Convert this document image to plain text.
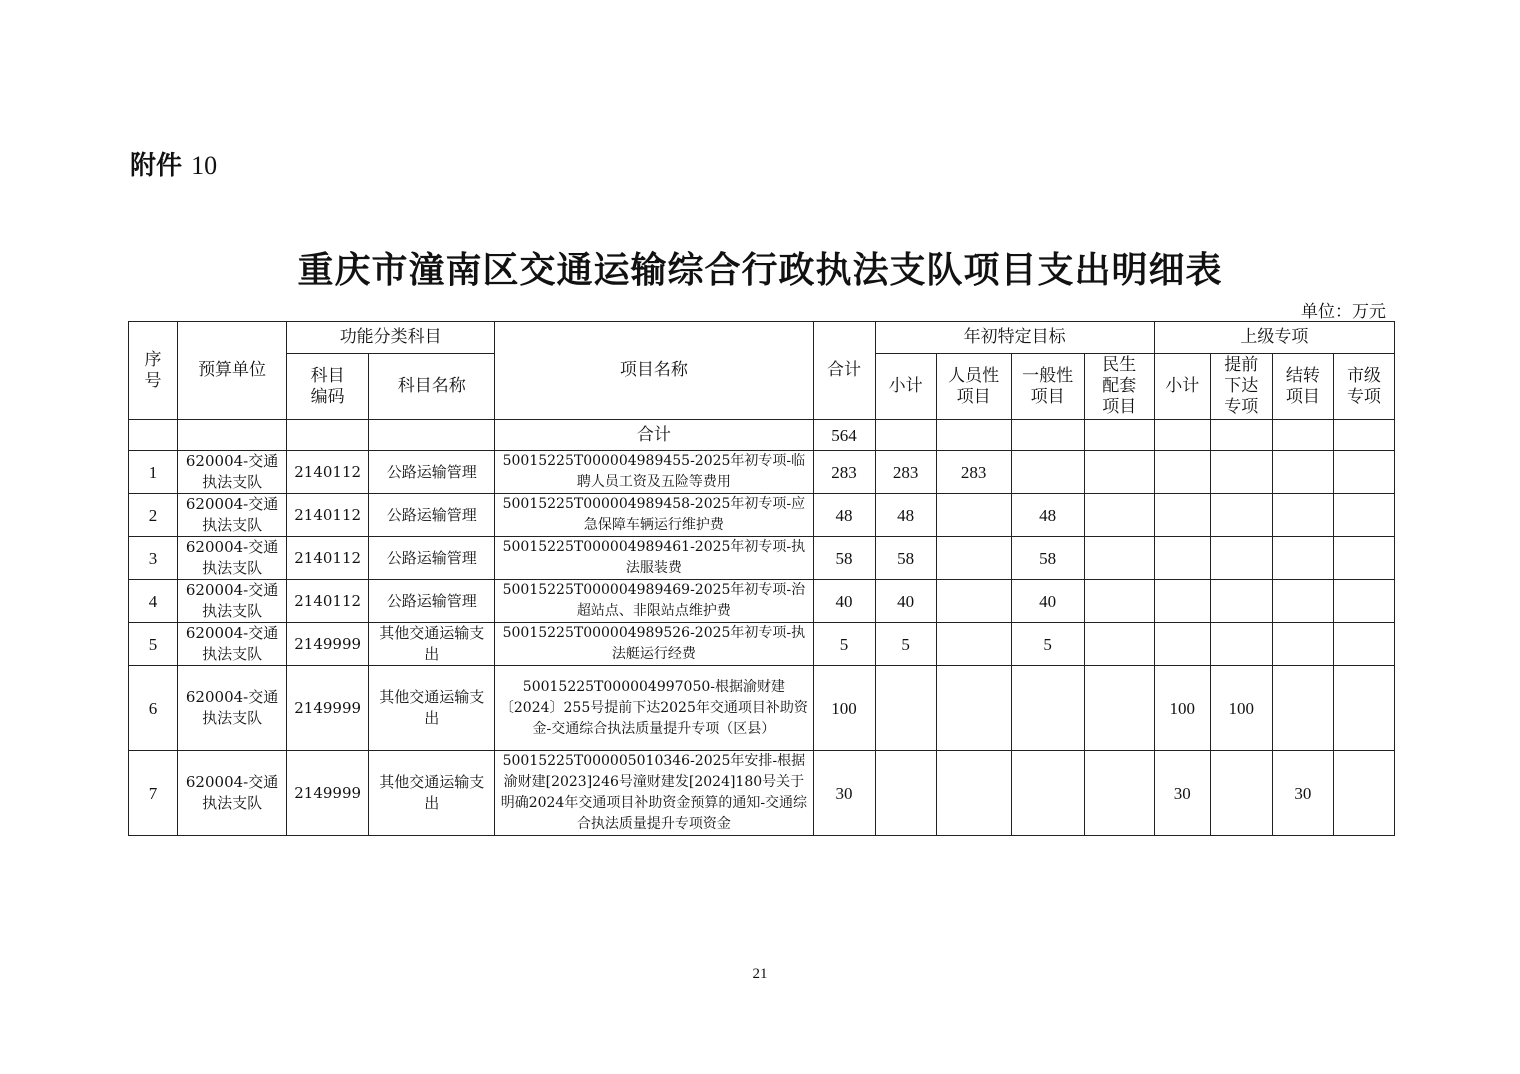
附件 10
重庆市潼南区交通运输综合行政执法支队项目支出明细表
单位：万元
序号	预算单位	功能分类科目		项目名称	合计	年初特定目标				上级专项			
		科目编码	科目名称			小计	人员性项目	一般性项目	民生配套项目	小计	提前下达专项	结转项目	市级专项
				合计	564								
1	620004-交通执法支队	2140112	公路运输管理	50015225T000004989455-2025年初专项-临聘人员工资及五险等费用	283	283	283						
2	620004-交通执法支队	2140112	公路运输管理	50015225T000004989458-2025年初专项-应急保障车辆运行维护费	48	48		48					
3	620004-交通执法支队	2140112	公路运输管理	50015225T000004989461-2025年初专项-执法服装费	58	58		58					
4	620004-交通执法支队	2140112	公路运输管理	50015225T000004989469-2025年初专项-治超站点、非限站点维护费	40	40		40					
5	620004-交通执法支队	2149999	其他交通运输支出	50015225T000004989526-2025年初专项-执法艇运行经费	5	5		5					
6	620004-交通执法支队	2149999	其他交通运输支出	50015225T000004997050-根据渝财建〔2024〕255号提前下达2025年交通项目补助资金-交通综合执法质量提升专项（区县）	100					100	100		
7	620004-交通执法支队	2149999	其他交通运输支出	50015225T000005010346-2025年安排-根据渝财建[2023]246号潼财建发[2024]180号关于明确2024年交通项目补助资金预算的通知-交通综合执法质量提升专项资金	30					30		30	
21
